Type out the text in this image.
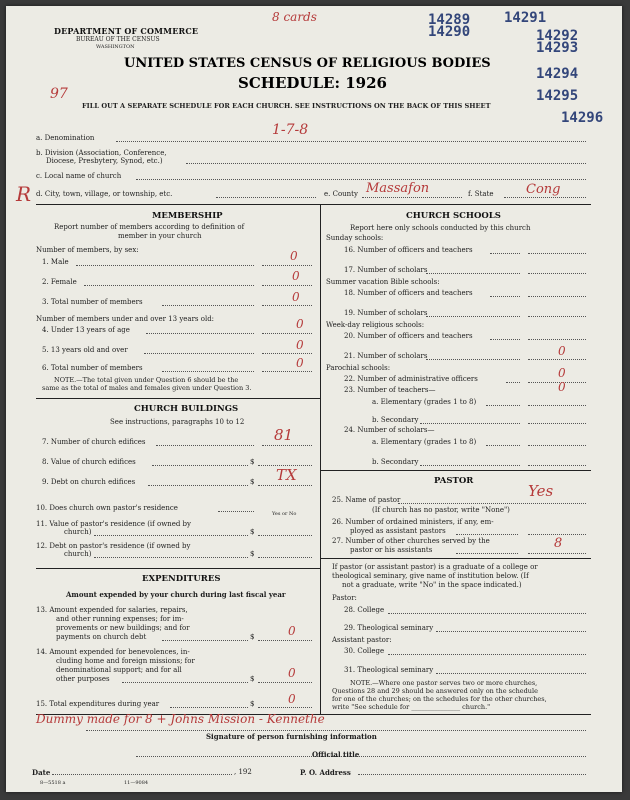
DEPARTMENT OF COMMERCE
BUREAU OF THE CENSUS
WASHINGTON
UNITED STATES CENSUS OF RELIGIOUS BODIES
SCHEDULE: 1926
FILL OUT A SEPARATE SCHEDULE FOR EACH CHURCH. SEE INSTRUCTIONS ON THE BACK OF THIS SHEET
14289
14290
14291
14292
14293
14294
14295
14296
8 cards
97
1-7-8
R	Massafon	Cong
a. Denomination
b. Division (Association, Conference,
Diocese, Presbytery, Synod, etc.)
c. Local name of church
d. City, town, village, or township, etc.	e. County	f. State
MEMBERSHIP
Report number of members according to definition of
member in your church
Number of members, by sex:
1. Male	0
2. Female	0
3. Total number of members	0
Number of members under and over 13 years old:
4. Under 13 years of age	0
5. 13 years old and over	0
6. Total number of members	0
NOTE.—The total given under Question 6 should be the
same as the total of males and females given under Question 3.
CHURCH BUILDINGS
See instructions, paragraphs 10 to 12
7. Number of church edifices	81
8. Value of church edifices	$
9. Debt on church edifices	$ TX
10. Does church own pastor's residence
Yes or No
11. Value of pastor's residence (if owned by
church)	$
12. Debt on pastor's residence (if owned by
church)	$
EXPENDITURES
Amount expended by your church during last fiscal year
13. Amount expended for salaries, repairs,
and other running expenses; for im-
provements or new buildings; and for
payments on church debt	$	0
14. Amount expended for benevolences, in-
cluding home and foreign missions; for
denominational support; and for all
other purposes	$	0
15. Total expenditures during year	$	0
CHURCH SCHOOLS
Report here only schools conducted by this church
Sunday schools:
16. Number of officers and teachers
17. Number of scholars
Summer vacation Bible schools:
18. Number of officers and teachers
19. Number of scholars
Week-day religious schools:
20. Number of officers and teachers
21. Number of scholars	0
Parochial schools:
22. Number of administrative officers	0
23. Number of teachers—	0
a. Elementary (grades 1 to 8)
b. Secondary
24. Number of scholars—
a. Elementary (grades 1 to 8)
b. Secondary
PASTOR
25. Name of pastor	Yes
(If church has no pastor, write "None")
26. Number of ordained ministers, if any, em-
ployed as assistant pastors
27. Number of other churches served by the
pastor or his assistants	8
If pastor (or assistant pastor) is a graduate of a college or
theological seminary, give name of institution below. (If
not a graduate, write "No" in the space indicated.)
Pastor:
28. College
29. Theological seminary
Assistant pastor:
30. College
31. Theological seminary
NOTE.—Where one pastor serves two or more churches,
Questions 28 and 29 should be answered only on the schedule
for one of the churches; on the schedules for the other churches,
write "See schedule for _______________ church."
Dummy made for 8 + Johns Mission - Kennethe
Signature of person furnishing information
Official title
Date	, 192	P. O. Address
8—5518 a	11—9084
